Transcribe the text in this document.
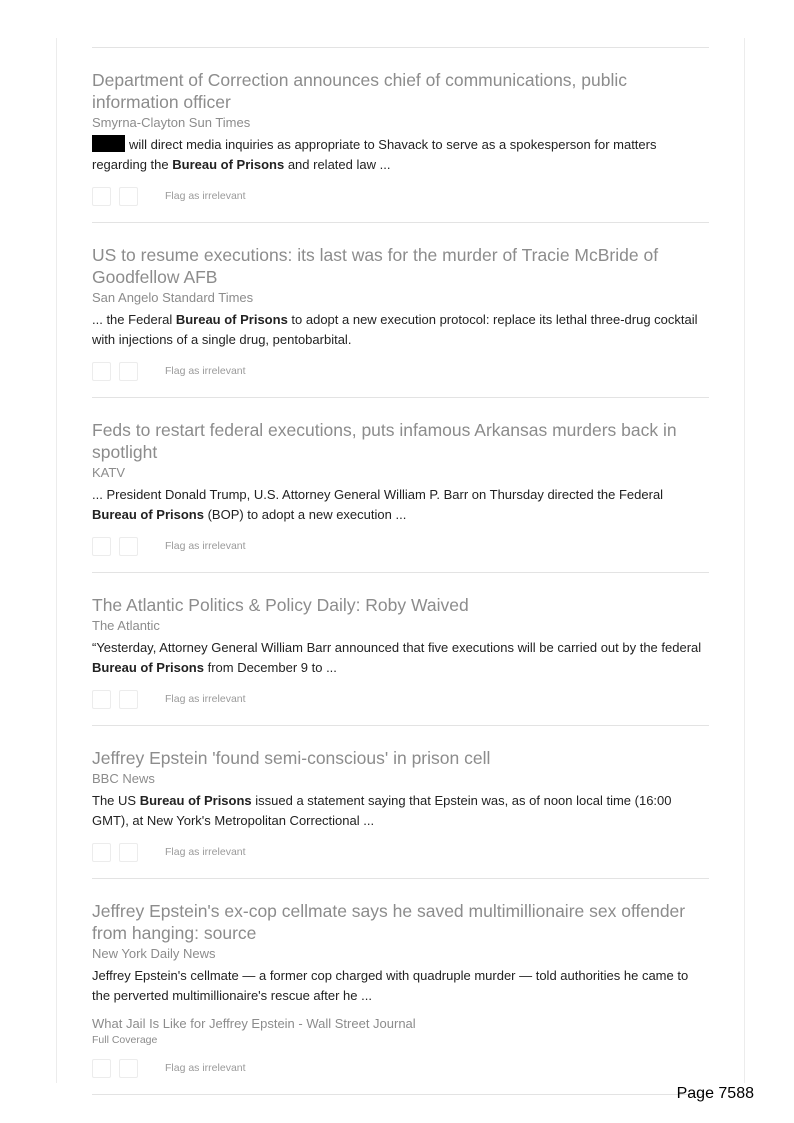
Department of Correction announces chief of communications, public information officer
Smyrna-Clayton Sun Times
will direct media inquiries as appropriate to Shavack to serve as a spokesperson for matters regarding the Bureau of Prisons and related law ...
Flag as irrelevant
US to resume executions: its last was for the murder of Tracie McBride of Goodfellow AFB
San Angelo Standard Times
... the Federal Bureau of Prisons to adopt a new execution protocol: replace its lethal three-drug cocktail with injections of a single drug, pentobarbital.
Flag as irrelevant
Feds to restart federal executions, puts infamous Arkansas murders back in spotlight
KATV
... President Donald Trump, U.S. Attorney General William P. Barr on Thursday directed the Federal Bureau of Prisons (BOP) to adopt a new execution ...
Flag as irrelevant
The Atlantic Politics & Policy Daily: Roby Waived
The Atlantic
“Yesterday, Attorney General William Barr announced that five executions will be carried out by the federal Bureau of Prisons from December 9 to ...
Flag as irrelevant
Jeffrey Epstein 'found semi-conscious' in prison cell
BBC News
The US Bureau of Prisons issued a statement saying that Epstein was, as of noon local time (16:00 GMT), at New York's Metropolitan Correctional ...
Flag as irrelevant
Jeffrey Epstein's ex-cop cellmate says he saved multimillionaire sex offender from hanging: source
New York Daily News
Jeffrey Epstein's cellmate — a former cop charged with quadruple murder — told authorities he came to the perverted multimillionaire's rescue after he ...
What Jail Is Like for Jeffrey Epstein - Wall Street Journal
Full Coverage
Flag as irrelevant
Page 7588
